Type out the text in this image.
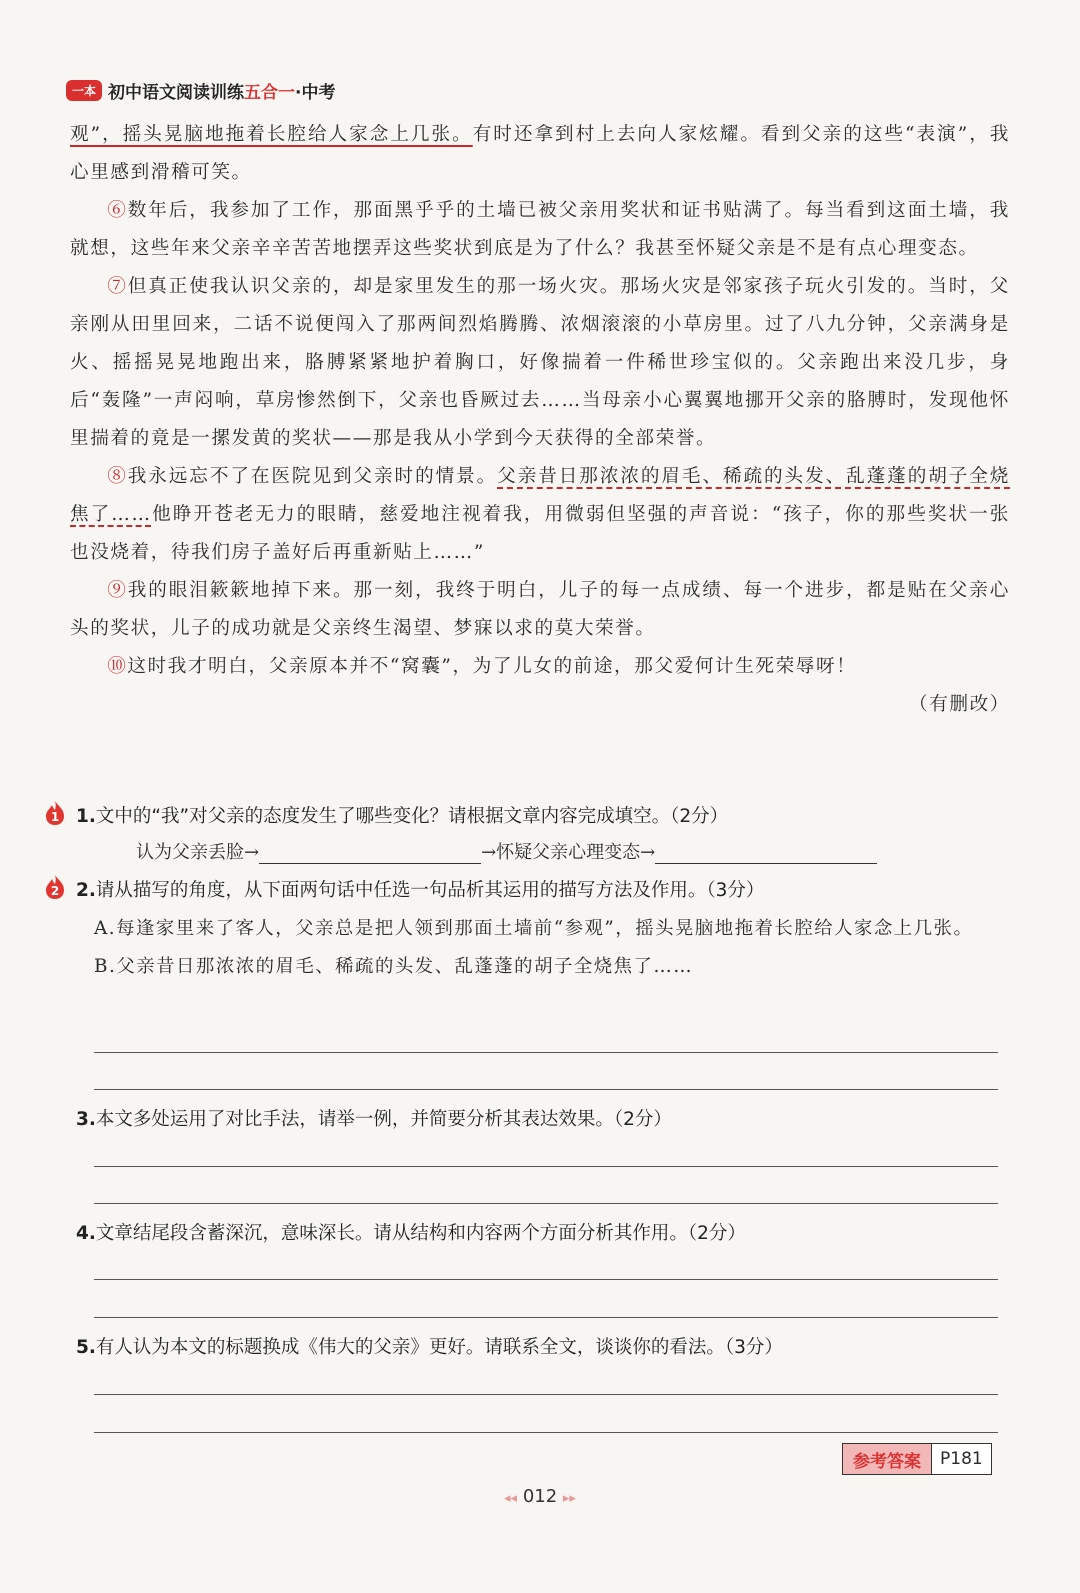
一本 初中语文阅读训练五合一·中考

观”，摇头晃脑地拖着长腔给人家念上几张。有时还拿到村上去向人家炫耀。看到父亲的这些“表演”，我心里感到滑稽可笑。

⑥数年后，我参加了工作，那面黑乎乎的土墙已被父亲用奖状和证书贴满了。每当看到这面土墙，我就想，这些年来父亲辛辛苦苦地摆弄这些奖状到底是为了什么？我甚至怀疑父亲是不是有点心理变态。

⑦但真正使我认识父亲的，却是家里发生的那一场火灾。那场火灾是邻家孩子玩火引发的。当时，父亲刚从田里回来，二话不说便闯入了那两间烈焰腾腾、浓烟滚滚的小草房里。过了八九分钟，父亲满身是火、摇摇晃晃地跑出来，胳膊紧紧地护着胸口，好像揣着一件稀世珍宝似的。父亲跑出来没几步，身后“轰隆”一声闷响，草房惨然倒下，父亲也昏厥过去……当母亲小心翼翼地挪开父亲的胳膊时，发现他怀里揣着的竟是一摞发黄的奖状——那是我从小学到今天获得的全部荣誉。

⑧我永远忘不了在医院见到父亲时的情景。父亲昔日那浓浓的眉毛、稀疏的头发、乱蓬蓬的胡子全烧焦了……他睁开苍老无力的眼睛，慈爱地注视着我，用微弱但坚强的声音说：“孩子，你的那些奖状一张也没烧着，待我们房子盖好后再重新贴上……”

⑨我的眼泪簌簌地掉下来。那一刻，我终于明白，儿子的每一点成绩、每一个进步，都是贴在父亲心头的奖状，儿子的成功就是父亲终生渴望、梦寐以求的莫大荣誉。

⑩这时我才明白，父亲原本并不“窝囊”，为了儿女的前途，那父爱何计生死荣辱呀！

（有删改）

1 1.文中的“我”对父亲的态度发生了哪些变化？请根据文章内容完成填空。（2分）
认为父亲丢脸→	→怀疑父亲心理变态→
2 2.请从描写的角度，从下面两句话中任选一句品析其运用的描写方法及作用。（3分）

A.每逢家里来了客人，父亲总是把人领到那面土墙前“参观”，摇头晃脑地拖着长腔给人家念上几张。

B.父亲昔日那浓浓的眉毛、稀疏的头发、乱蓬蓬的胡子全烧焦了……

3.本文多处运用了对比手法，请举一例，并简要分析其表达效果。（2分）
4.文章结尾段含蓄深沉，意味深长。请从结构和内容两个方面分析其作用。（2分）
5.有人认为本文的标题换成《伟大的父亲》更好。请联系全文，谈谈你的看法。（3分）
参考答案	P181
◂◂ 012 ▸▸
